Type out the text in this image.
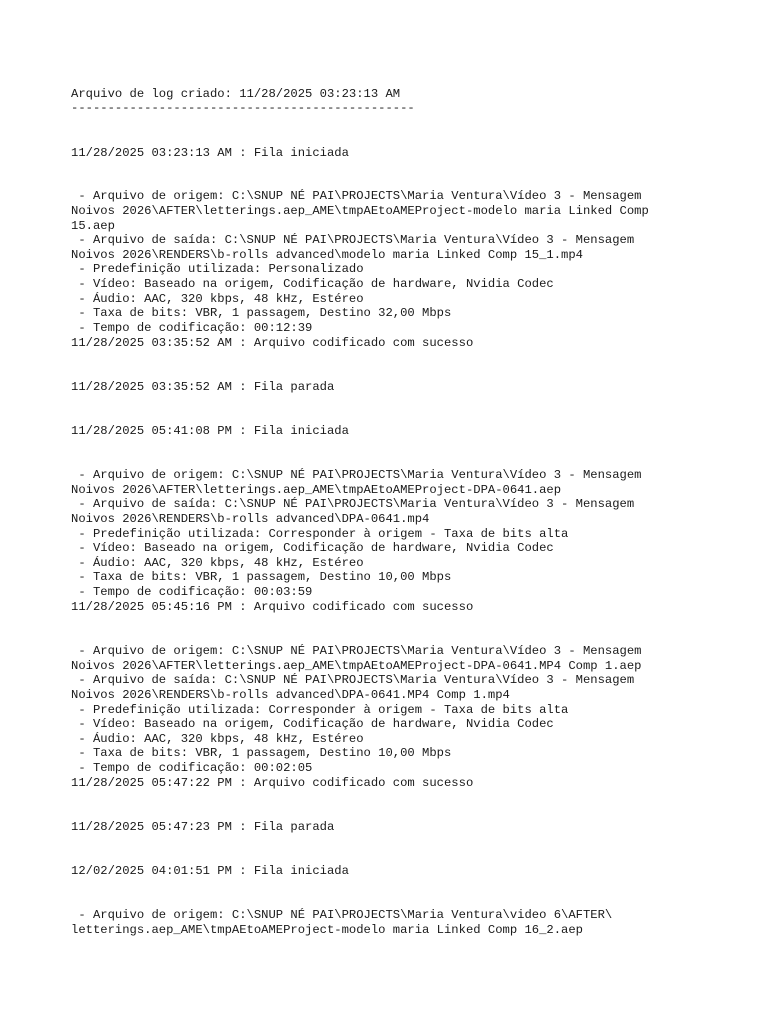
Arquivo de log criado: 11/28/2025 03:23:13 AM

-----------------------------------------------

11/28/2025 03:23:13 AM : Fila iniciada

- Arquivo de origem: C:\SNUP NÉ PAI\PROJECTS\Maria Ventura\Vídeo 3 - Mensagem

Noivos 2026\AFTER\letterings.aep_AME\tmpAEtoAMEProject-modelo maria Linked Comp

15.aep

- Arquivo de saída: C:\SNUP NÉ PAI\PROJECTS\Maria Ventura\Vídeo 3 - Mensagem

Noivos 2026\RENDERS\b-rolls advanced\modelo maria Linked Comp 15_1.mp4

- Predefinição utilizada: Personalizado

- Vídeo: Baseado na origem, Codificação de hardware, Nvidia Codec

- Áudio: AAC, 320 kbps, 48 kHz, Estéreo

- Taxa de bits: VBR, 1 passagem, Destino 32,00 Mbps

- Tempo de codificação: 00:12:39

11/28/2025 03:35:52 AM : Arquivo codificado com sucesso

11/28/2025 03:35:52 AM : Fila parada

11/28/2025 05:41:08 PM : Fila iniciada

- Arquivo de origem: C:\SNUP NÉ PAI\PROJECTS\Maria Ventura\Vídeo 3 - Mensagem

Noivos 2026\AFTER\letterings.aep_AME\tmpAEtoAMEProject-DPA-0641.aep

- Arquivo de saída: C:\SNUP NÉ PAI\PROJECTS\Maria Ventura\Vídeo 3 - Mensagem

Noivos 2026\RENDERS\b-rolls advanced\DPA-0641.mp4

- Predefinição utilizada: Corresponder à origem - Taxa de bits alta

- Vídeo: Baseado na origem, Codificação de hardware, Nvidia Codec

- Áudio: AAC, 320 kbps, 48 kHz, Estéreo

- Taxa de bits: VBR, 1 passagem, Destino 10,00 Mbps

- Tempo de codificação: 00:03:59

11/28/2025 05:45:16 PM : Arquivo codificado com sucesso

- Arquivo de origem: C:\SNUP NÉ PAI\PROJECTS\Maria Ventura\Vídeo 3 - Mensagem

Noivos 2026\AFTER\letterings.aep_AME\tmpAEtoAMEProject-DPA-0641.MP4 Comp 1.aep

- Arquivo de saída: C:\SNUP NÉ PAI\PROJECTS\Maria Ventura\Vídeo 3 - Mensagem

Noivos 2026\RENDERS\b-rolls advanced\DPA-0641.MP4 Comp 1.mp4

- Predefinição utilizada: Corresponder à origem - Taxa de bits alta

- Vídeo: Baseado na origem, Codificação de hardware, Nvidia Codec

- Áudio: AAC, 320 kbps, 48 kHz, Estéreo

- Taxa de bits: VBR, 1 passagem, Destino 10,00 Mbps

- Tempo de codificação: 00:02:05

11/28/2025 05:47:22 PM : Arquivo codificado com sucesso

11/28/2025 05:47:23 PM : Fila parada

12/02/2025 04:01:51 PM : Fila iniciada

- Arquivo de origem: C:\SNUP NÉ PAI\PROJECTS\Maria Ventura\video 6\AFTER\

letterings.aep_AME\tmpAEtoAMEProject-modelo maria Linked Comp 16_2.aep
